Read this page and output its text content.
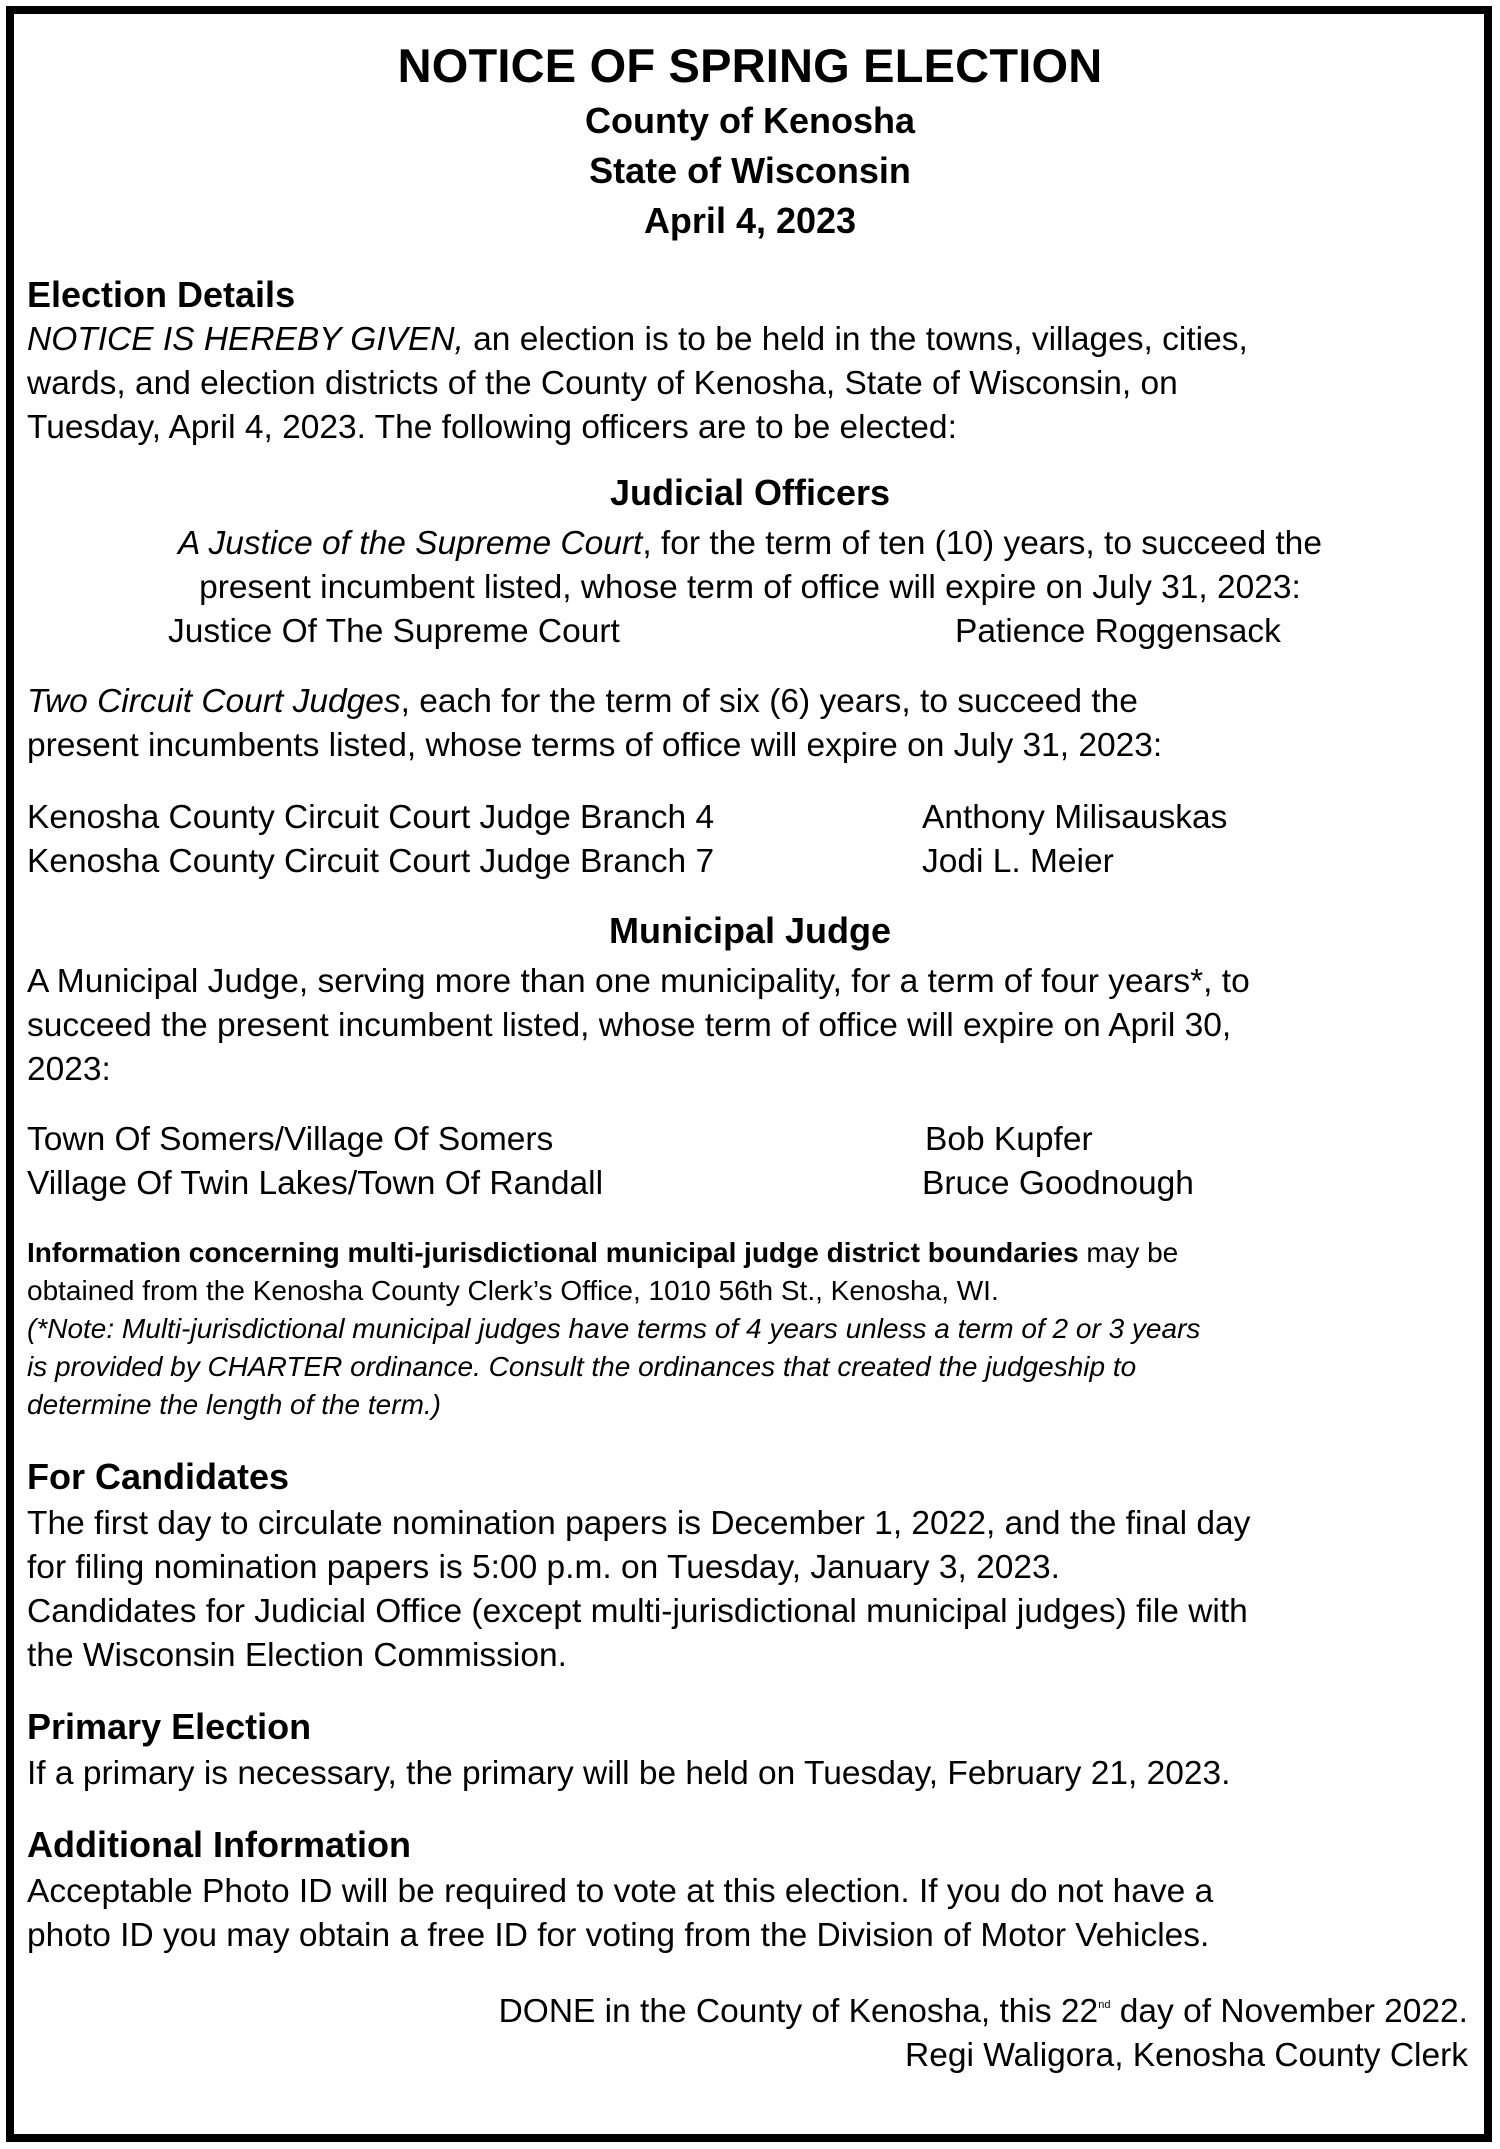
NOTICE OF SPRING ELECTION
County of Kenosha
State of Wisconsin
April 4, 2023
Election Details
NOTICE IS HEREBY GIVEN, an election is to be held in the towns, villages, cities,
wards, and election districts of the County of Kenosha, State of Wisconsin, on
Tuesday, April 4, 2023. The following officers are to be elected:
Judicial Officers
A Justice of the Supreme Court, for the term of ten (10) years, to succeed the
present incumbent listed, whose term of office will expire on July 31, 2023:
Justice Of The Supreme Court	Patience Roggensack
Two Circuit Court Judges, each for the term of six (6) years, to succeed the
present incumbents listed, whose terms of office will expire on July 31, 2023:
Kenosha County Circuit Court Judge Branch 4	Anthony Milisauskas
Kenosha County Circuit Court Judge Branch 7	Jodi L. Meier
Municipal Judge
A Municipal Judge, serving more than one municipality, for a term of four years*, to
succeed the present incumbent listed, whose term of office will expire on April 30,
2023:
Town Of Somers/Village Of Somers	Bob Kupfer
Village Of Twin Lakes/Town Of Randall	Bruce Goodnough
Information concerning multi-jurisdictional municipal judge district boundaries may be
obtained from the Kenosha County Clerk’s Office, 1010 56th St., Kenosha, WI.
(*Note: Multi-jurisdictional municipal judges have terms of 4 years unless a term of 2 or 3 years
is provided by CHARTER ordinance. Consult the ordinances that created the judgeship to
determine the length of the term.)
For Candidates
The first day to circulate nomination papers is December 1, 2022, and the final day
for filing nomination papers is 5:00 p.m. on Tuesday, January 3, 2023.
Candidates for Judicial Office (except multi-jurisdictional municipal judges) file with
the Wisconsin Election Commission.
Primary Election
If a primary is necessary, the primary will be held on Tuesday, February 21, 2023.
Additional Information
Acceptable Photo ID will be required to vote at this election. If you do not have a
photo ID you may obtain a free ID for voting from the Division of Motor Vehicles.
DONE in the County of Kenosha, this 22nd day of November 2022.
Regi Waligora, Kenosha County Clerk
